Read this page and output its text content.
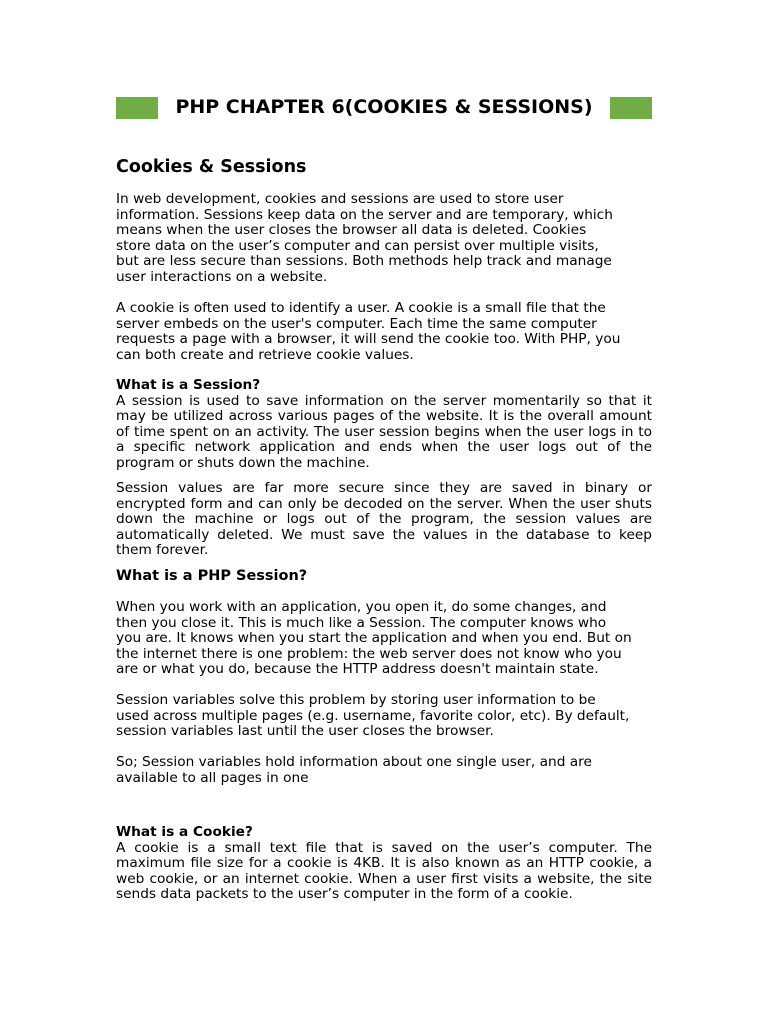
PHP CHAPTER 6(COOKIES & SESSIONS)
Cookies & Sessions

In web development, cookies and sessions are used to store user
information. Sessions keep data on the server and are temporary, which
means when the user closes the browser all data is deleted. Cookies
store data on the user’s computer and can persist over multiple visits,
but are less secure than sessions. Both methods help track and manage
user interactions on a website.

A cookie is often used to identify a user. A cookie is a small file that the
server embeds on the user's computer. Each time the same computer
requests a page with a browser, it will send the cookie too. With PHP, you
can both create and retrieve cookie values.

What is a Session?
A session is used to save information on the server momentarily so that it may be utilized across various pages of the website. It is the overall amount of time spent on an activity. The user session begins when the user logs in to a specific network application and ends when the user logs out of the program or shuts down the machine.

Session values are far more secure since they are saved in binary or encrypted form and can only be decoded on the server. When the user shuts down the machine or logs out of the program, the session values are automatically deleted. We must save the values in the database to keep them forever.

What is a PHP Session?

When you work with an application, you open it, do some changes, and
then you close it. This is much like a Session. The computer knows who
you are. It knows when you start the application and when you end. But on
the internet there is one problem: the web server does not know who you
are or what you do, because the HTTP address doesn't maintain state.

Session variables solve this problem by storing user information to be
used across multiple pages (e.g. username, favorite color, etc). By default,
session variables last until the user closes the browser.

So; Session variables hold information about one single user, and are
available to all pages in one

What is a Cookie?
A cookie is a small text file that is saved on the user’s computer. The maximum file size for a cookie is 4KB. It is also known as an HTTP cookie, a web cookie, or an internet cookie. When a user first visits a website, the site sends data packets to the user’s computer in the form of a cookie.
